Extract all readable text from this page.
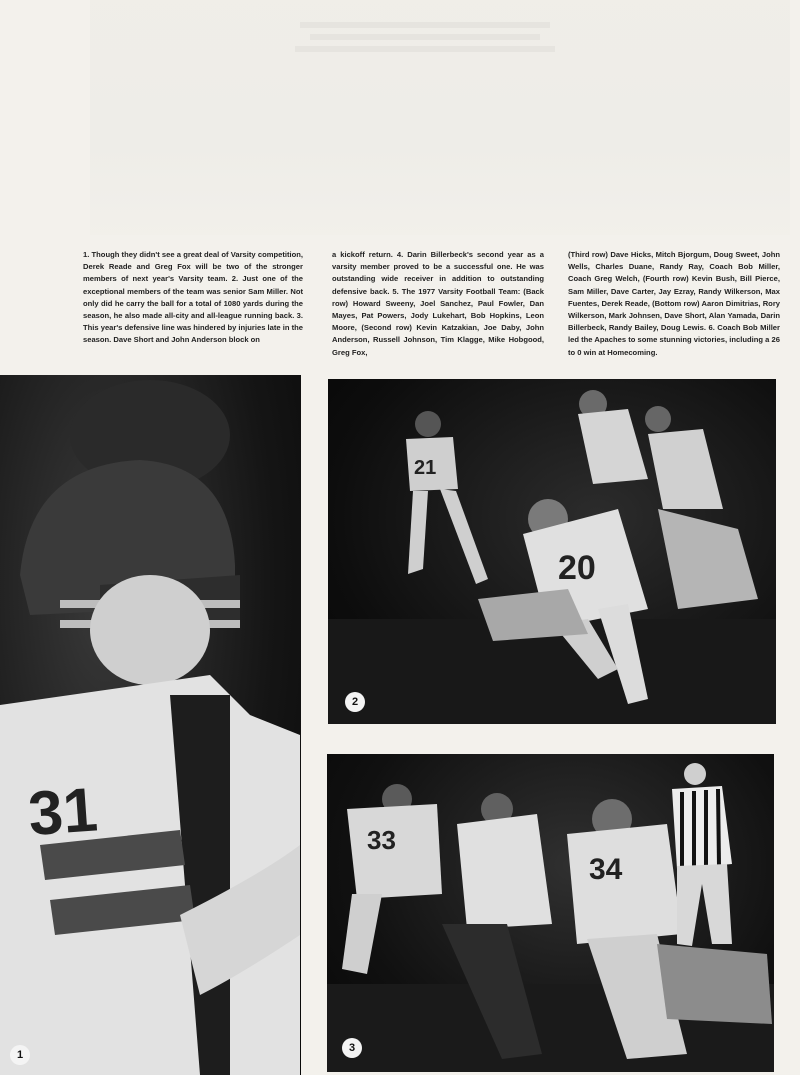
1. Though they didn't see a great deal of Varsity competition, Derek Reade and Greg Fox will be two of the stronger members of next year's Varsity team. 2. Just one of the exceptional members of the team was senior Sam Miller. Not only did he carry the ball for a total of 1080 yards during the season, he also made all-city and all-league running back. 3. This year's defensive line was hindered by injuries late in the season. Dave Short and John Anderson block on
a kickoff return. 4. Darin Billerbeck's second year as a varsity member proved to be a successful one. He was outstanding wide receiver in addition to outstanding defensive back. 5. The 1977 Varsity Football Team: (Back row) Howard Sweeny, Joel Sanchez, Paul Fowler, Dan Mayes, Pat Powers, Jody Lukehart, Bob Hopkins, Leon Moore, (Second row) Kevin Katzakian, Joe Daby, John Anderson, Russell Johnson, Tim Klagge, Mike Hobgood, Greg Fox,
(Third row) Dave Hicks, Mitch Bjorgum, Doug Sweet, John Wells, Charles Duane, Randy Ray, Coach Bob Miller, Coach Greg Welch, (Fourth row) Kevin Bush, Bill Pierce, Sam Miller, Dave Carter, Jay Ezray, Randy Wilkerson, Max Fuentes, Derek Reade, (Bottom row) Aaron Dimitrias, Rory Wilkerson, Mark Johnsen, Dave Short, Alan Yamada, Darin Billerbeck, Randy Bailey, Doug Lewis. 6. Coach Bob Miller led the Apaches to some stunning victories, including a 26 to 0 win at Homecoming.
31
1
21
20
2
33
34
3
